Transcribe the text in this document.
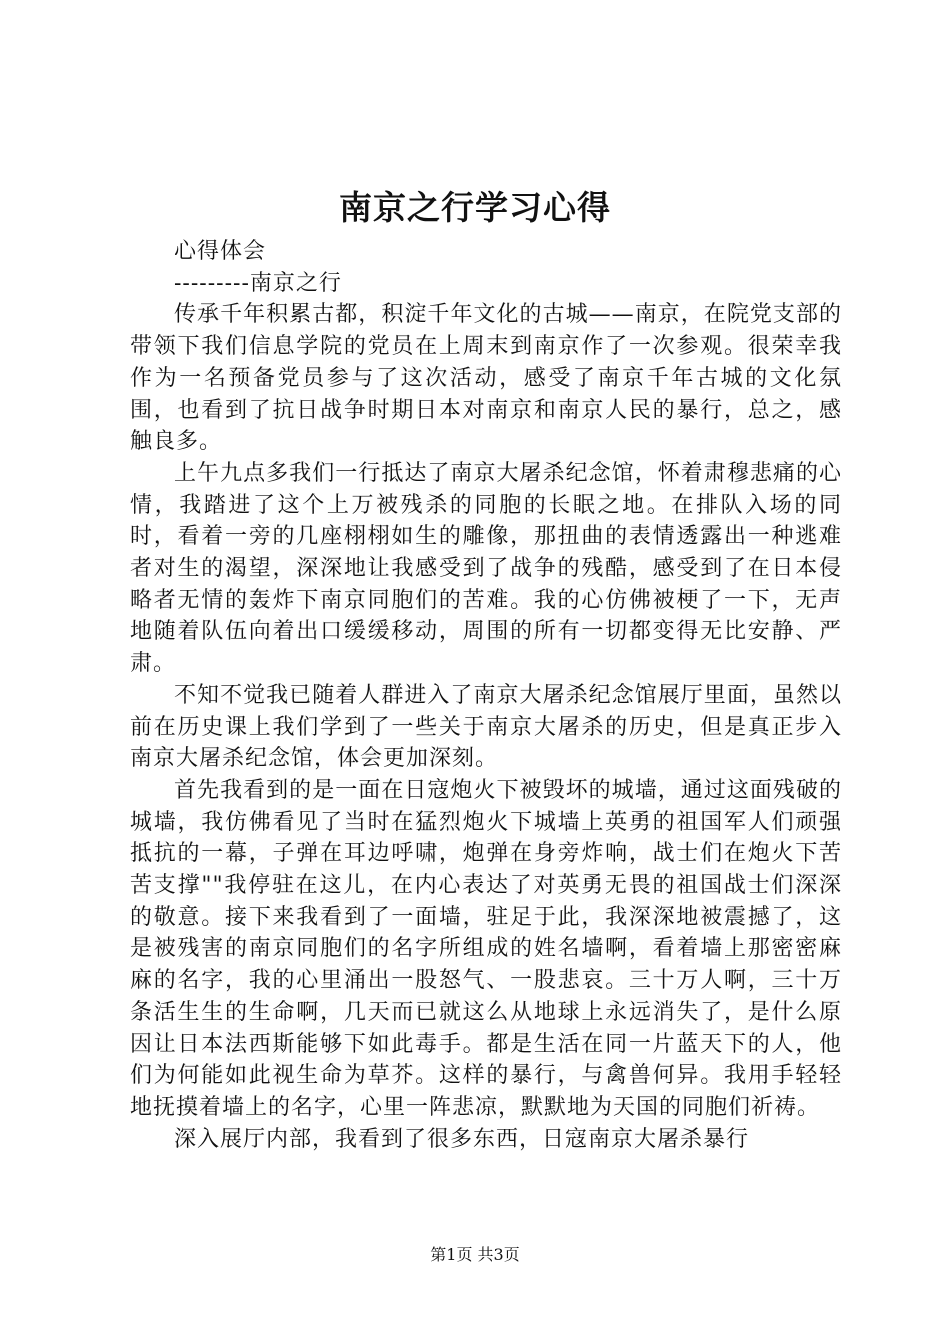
南京之行学习心得

心得体会

---------南京之行

传承千年积累古都，积淀千年文化的古城——南京，在院党支部的带领下我们信息学院的党员在上周末到南京作了一次参观。很荣幸我作为一名预备党员参与了这次活动，感受了南京千年古城的文化氛围，也看到了抗日战争时期日本对南京和南京人民的暴行，总之，感触良多。

上午九点多我们一行抵达了南京大屠杀纪念馆，怀着肃穆悲痛的心情，我踏进了这个上万被残杀的同胞的长眠之地。在排队入场的同时，看着一旁的几座栩栩如生的雕像，那扭曲的表情透露出一种逃难者对生的渴望，深深地让我感受到了战争的残酷，感受到了在日本侵略者无情的轰炸下南京同胞们的苦难。我的心仿佛被梗了一下，无声地随着队伍向着出口缓缓移动，周围的所有一切都变得无比安静、严肃。

不知不觉我已随着人群进入了南京大屠杀纪念馆展厅里面，虽然以前在历史课上我们学到了一些关于南京大屠杀的历史，但是真正步入南京大屠杀纪念馆，体会更加深刻。

首先我看到的是一面在日寇炮火下被毁坏的城墙，通过这面残破的城墙，我仿佛看见了当时在猛烈炮火下城墙上英勇的祖国军人们顽强抵抗的一幕，子弹在耳边呼啸，炮弹在身旁炸响，战士们在炮火下苦苦支撑""我停驻在这儿，在内心表达了对英勇无畏的祖国战士们深深的敬意。接下来我看到了一面墙，驻足于此，我深深地被震撼了，这是被残害的南京同胞们的名字所组成的姓名墙啊，看着墙上那密密麻麻的名字，我的心里涌出一股怒气、一股悲哀。三十万人啊，三十万条活生生的生命啊，几天而已就这么从地球上永远消失了，是什么原因让日本法西斯能够下如此毒手。都是生活在同一片蓝天下的人，他们为何能如此视生命为草芥。这样的暴行，与禽兽何异。我用手轻轻地抚摸着墙上的名字，心里一阵悲凉，默默地为天国的同胞们祈祷。

深入展厅内部，我看到了很多东西，日寇南京大屠杀暴行

第1页 共3页
